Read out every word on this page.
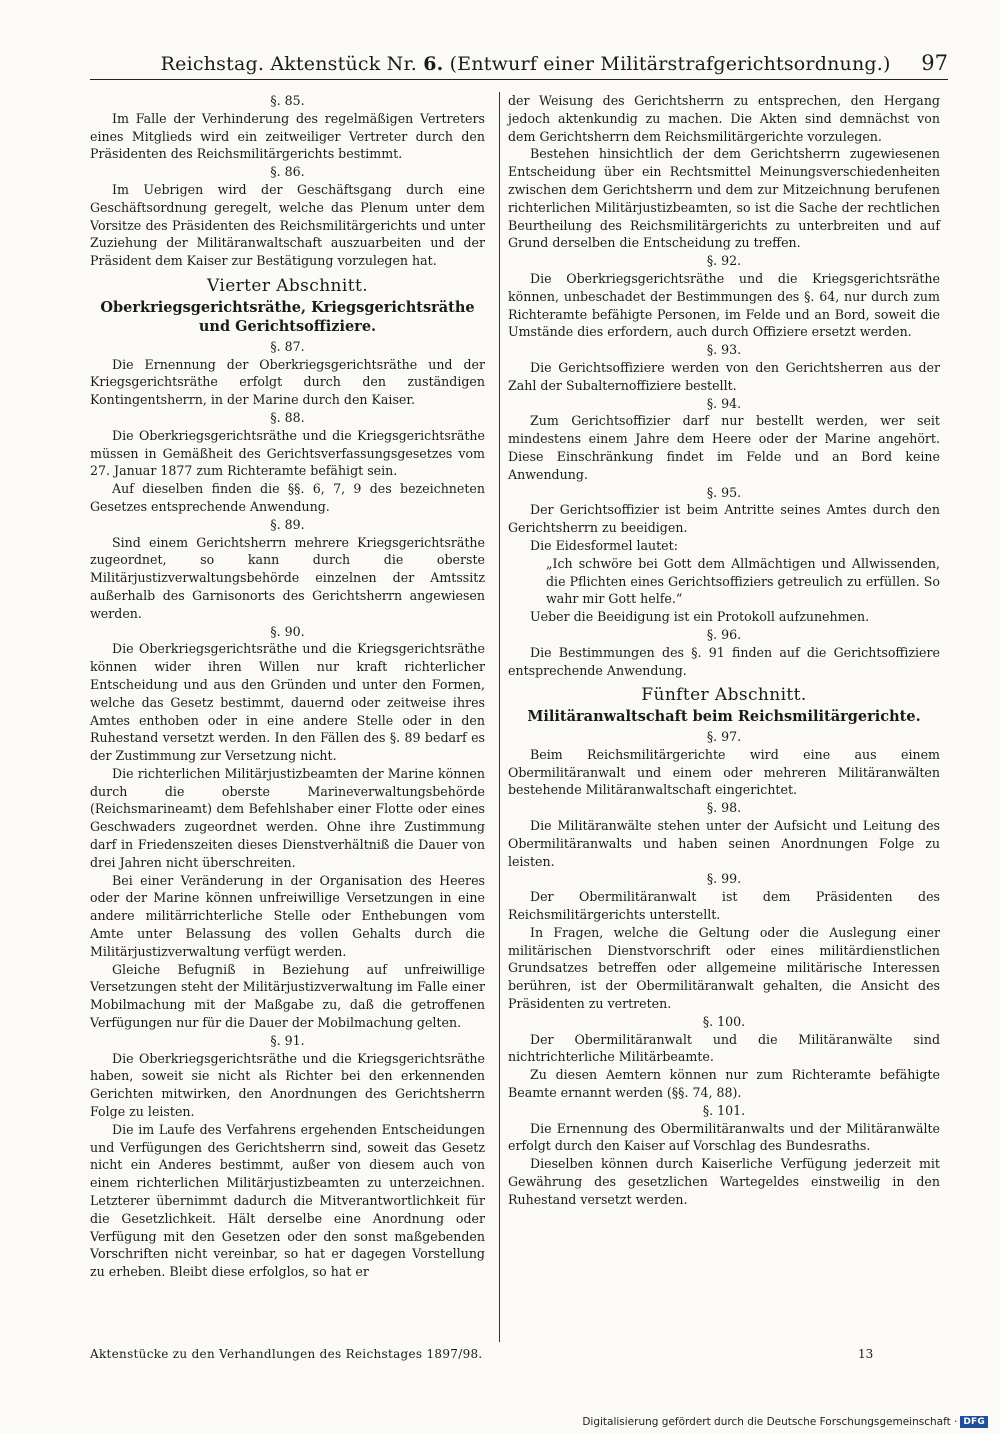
Reichstag. Aktenstück Nr. 6. (Entwurf einer Militärstrafgerichtsordnung.)	97
§. 85.

Im Falle der Verhinderung des regelmäßigen Vertreters eines Mitglieds wird ein zeitweiliger Vertreter durch den Präsidenten des Reichsmilitärgerichts bestimmt.

§. 86.

Im Uebrigen wird der Geschäftsgang durch eine Geschäftsordnung geregelt, welche das Plenum unter dem Vorsitze des Präsidenten des Reichsmilitärgerichts und unter Zuziehung der Militäranwaltschaft auszuarbeiten und der Präsident dem Kaiser zur Bestätigung vorzulegen hat.

Vierter Abschnitt.
Oberkriegsgerichtsräthe, Kriegsgerichtsräthe und Gerichtsoffiziere.
§. 87.

Die Ernennung der Oberkriegsgerichtsräthe und der Kriegsgerichtsräthe erfolgt durch den zuständigen Kontingentsherrn, in der Marine durch den Kaiser.

§. 88.

Die Oberkriegsgerichtsräthe und die Kriegsgerichtsräthe müssen in Gemäßheit des Gerichtsverfassungsgesetzes vom 27. Januar 1877 zum Richteramte befähigt sein.

Auf dieselben finden die §§. 6, 7, 9 des bezeichneten Gesetzes entsprechende Anwendung.

§. 89.

Sind einem Gerichtsherrn mehrere Kriegsgerichtsräthe zugeordnet, so kann durch die oberste Militärjustizverwaltungsbehörde einzelnen der Amtssitz außerhalb des Garnisonorts des Gerichtsherrn angewiesen werden.

§. 90.

Die Oberkriegsgerichtsräthe und die Kriegsgerichtsräthe können wider ihren Willen nur kraft richterlicher Entscheidung und aus den Gründen und unter den Formen, welche das Gesetz bestimmt, dauernd oder zeitweise ihres Amtes enthoben oder in eine andere Stelle oder in den Ruhestand versetzt werden. In den Fällen des §. 89 bedarf es der Zustimmung zur Versetzung nicht.

Die richterlichen Militärjustizbeamten der Marine können durch die oberste Marineverwaltungsbehörde (Reichsmarineamt) dem Befehlshaber einer Flotte oder eines Geschwaders zugeordnet werden. Ohne ihre Zustimmung darf in Friedenszeiten dieses Dienstverhältniß die Dauer von drei Jahren nicht überschreiten.

Bei einer Veränderung in der Organisation des Heeres oder der Marine können unfreiwillige Versetzungen in eine andere militärrichterliche Stelle oder Enthebungen vom Amte unter Belassung des vollen Gehalts durch die Militärjustizverwaltung verfügt werden.

Gleiche Befugniß in Beziehung auf unfreiwillige Versetzungen steht der Militärjustizverwaltung im Falle einer Mobilmachung mit der Maßgabe zu, daß die getroffenen Verfügungen nur für die Dauer der Mobilmachung gelten.

§. 91.

Die Oberkriegsgerichtsräthe und die Kriegsgerichtsräthe haben, soweit sie nicht als Richter bei den erkennenden Gerichten mitwirken, den Anordnungen des Gerichtsherrn Folge zu leisten.

Die im Laufe des Verfahrens ergehenden Entscheidungen und Verfügungen des Gerichtsherrn sind, soweit das Gesetz nicht ein Anderes bestimmt, außer von diesem auch von einem richterlichen Militärjustizbeamten zu unterzeichnen. Letzterer übernimmt dadurch die Mitverantwortlichkeit für die Gesetzlichkeit. Hält derselbe eine Anordnung oder Verfügung mit den Gesetzen oder den sonst maßgebenden Vorschriften nicht vereinbar, so hat er dagegen Vorstellung zu erheben. Bleibt diese erfolglos, so hat er

der Weisung des Gerichtsherrn zu entsprechen, den Hergang jedoch aktenkundig zu machen. Die Akten sind demnächst von dem Gerichtsherrn dem Reichsmilitärgerichte vorzulegen.

Bestehen hinsichtlich der dem Gerichtsherrn zugewiesenen Entscheidung über ein Rechtsmittel Meinungsverschiedenheiten zwischen dem Gerichtsherrn und dem zur Mitzeichnung berufenen richterlichen Militärjustizbeamten, so ist die Sache der rechtlichen Beurtheilung des Reichsmilitärgerichts zu unterbreiten und auf Grund derselben die Entscheidung zu treffen.

§. 92.

Die Oberkriegsgerichtsräthe und die Kriegsgerichtsräthe können, unbeschadet der Bestimmungen des §. 64, nur durch zum Richteramte befähigte Personen, im Felde und an Bord, soweit die Umstände dies erfordern, auch durch Offiziere ersetzt werden.

§. 93.

Die Gerichtsoffiziere werden von den Gerichtsherren aus der Zahl der Subalternoffiziere bestellt.

§. 94.

Zum Gerichtsoffizier darf nur bestellt werden, wer seit mindestens einem Jahre dem Heere oder der Marine angehört. Diese Einschränkung findet im Felde und an Bord keine Anwendung.

§. 95.

Der Gerichtsoffizier ist beim Antritte seines Amtes durch den Gerichtsherrn zu beeidigen.

Die Eidesformel lautet:

„Ich schwöre bei Gott dem Allmächtigen und Allwissenden, die Pflichten eines Gerichtsoffiziers getreulich zu erfüllen. So wahr mir Gott helfe.“

Ueber die Beeidigung ist ein Protokoll aufzunehmen.

§. 96.

Die Bestimmungen des §. 91 finden auf die Gerichtsoffiziere entsprechende Anwendung.

Fünfter Abschnitt.
Militäranwaltschaft beim Reichsmilitärgerichte.
§. 97.

Beim Reichsmilitärgerichte wird eine aus einem Obermilitäranwalt und einem oder mehreren Militäranwälten bestehende Militäranwaltschaft eingerichtet.

§. 98.

Die Militäranwälte stehen unter der Aufsicht und Leitung des Obermilitäranwalts und haben seinen Anordnungen Folge zu leisten.

§. 99.

Der Obermilitäranwalt ist dem Präsidenten des Reichsmilitärgerichts unterstellt.

In Fragen, welche die Geltung oder die Auslegung einer militärischen Dienstvorschrift oder eines militärdienstlichen Grundsatzes betreffen oder allgemeine militärische Interessen berühren, ist der Obermilitäranwalt gehalten, die Ansicht des Präsidenten zu vertreten.

§. 100.

Der Obermilitäranwalt und die Militäranwälte sind nichtrichterliche Militärbeamte.

Zu diesen Aemtern können nur zum Richteramte befähigte Beamte ernannt werden (§§. 74, 88).

§. 101.

Die Ernennung des Obermilitäranwalts und der Militäranwälte erfolgt durch den Kaiser auf Vorschlag des Bundesraths.

Dieselben können durch Kaiserliche Verfügung jederzeit mit Gewährung des gesetzlichen Wartegeldes einstweilig in den Ruhestand versetzt werden.

Aktenstücke zu den Verhandlungen des Reichstages 1897/98.	13
Digitalisierung gefördert durch die Deutsche Forschungsgemeinschaft · DFG
